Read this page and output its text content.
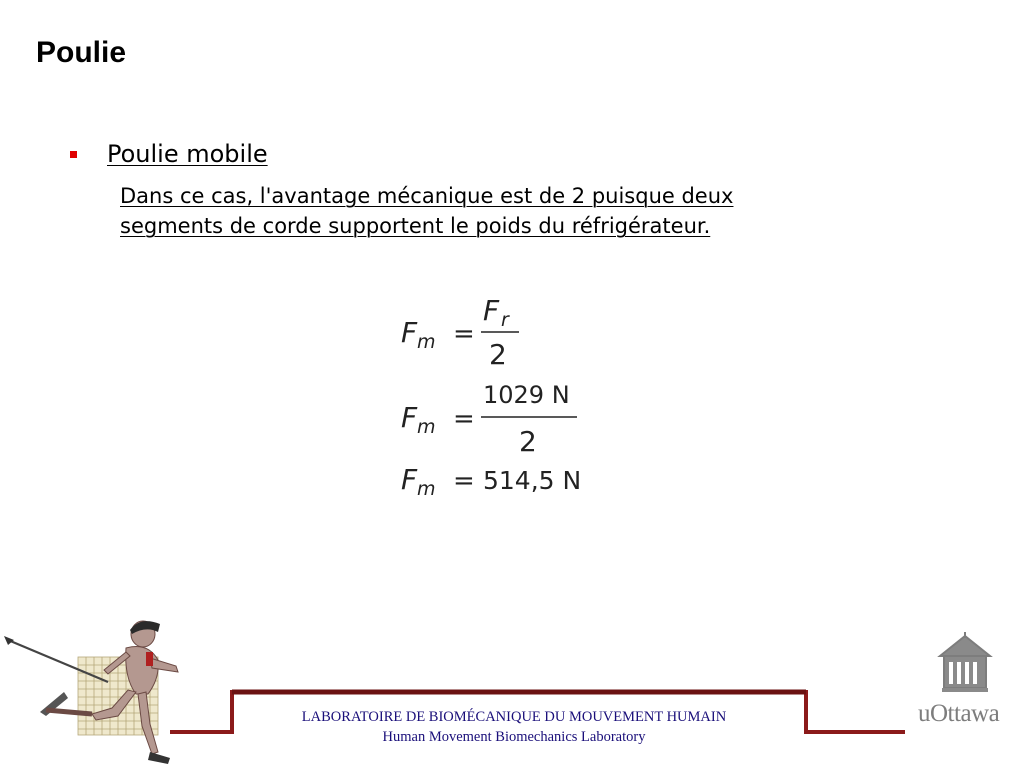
Poulie
Poulie mobile
Dans ce cas, l'avantage mécanique est de 2 puisque deux
segments de corde supportent le poids du réfrigérateur.
F m =
F r
2
F m =
1029 N
2
F m = 514,5 N
LABORATOIRE DE BIOMÉCANIQUE DU MOUVEMENT HUMAIN
Human Movement Biomechanics Laboratory
uOttawa
